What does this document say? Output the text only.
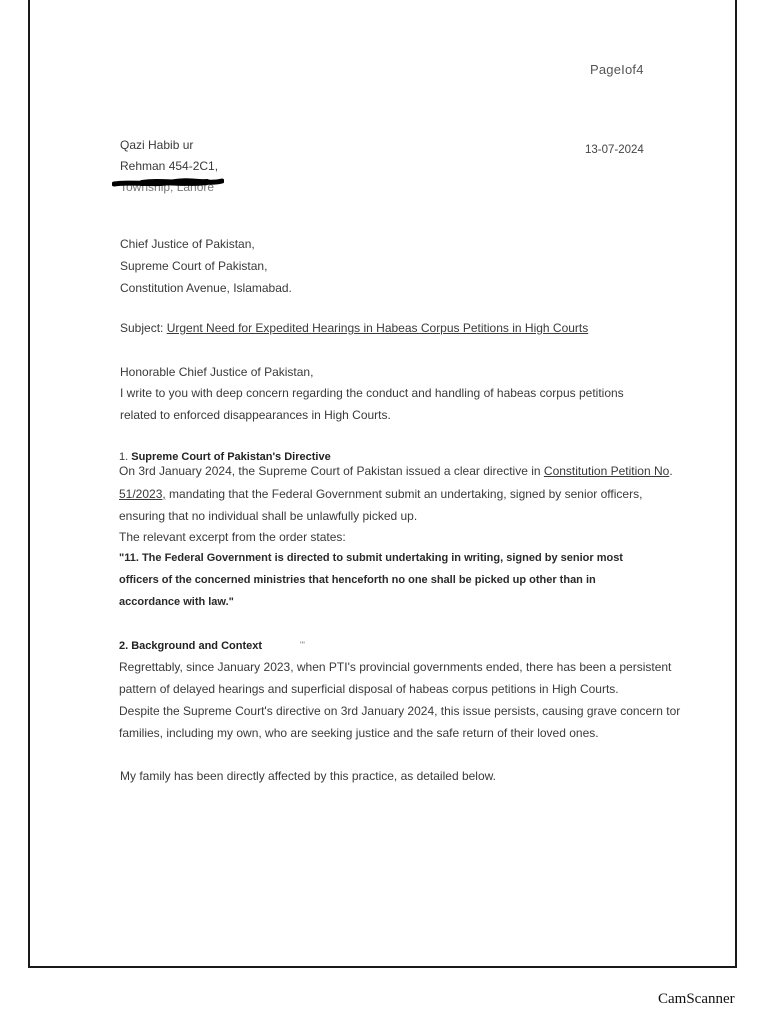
PageIof4
Qazi Habib ur
Rehman 454-2C1,
Township, Lahore
13-07-2024
Chief Justice of Pakistan,
Supreme Court of Pakistan,
Constitution Avenue, Islamabad.
Subject: Urgent Need for Expedited Hearings in Habeas Corpus Petitions in High Courts
Honorable Chief Justice of Pakistan,
I write to you with deep concern regarding the conduct and handling of habeas corpus petitions
related to enforced disappearances in High Courts.
1. Supreme Court of Pakistan's Directive
On 3rd January 2024, the Supreme Court of Pakistan issued a clear directive in Constitution Petition No.
51/2023, mandating that the Federal Government submit an undertaking, signed by senior officers,
ensuring that no individual shall be unlawfully picked up.
The relevant excerpt from the order states:
"11. The Federal Government is directed to submit undertaking in writing, signed by senior most
officers of the concerned ministries that henceforth no one shall be picked up other than in
accordance with law."
2. Background and Context	"'
Regrettably, since January 2023, when PTI's provincial governments ended, there has been a persistent
pattern of delayed hearings and superficial disposal of habeas corpus petitions in High Courts.
Despite the Supreme Court's directive on 3rd January 2024, this issue persists, causing grave concern tor
families, including my own, who are seeking justice and the safe return of their loved ones.
My family has been directly affected by this practice, as detailed below.
CamScanner
